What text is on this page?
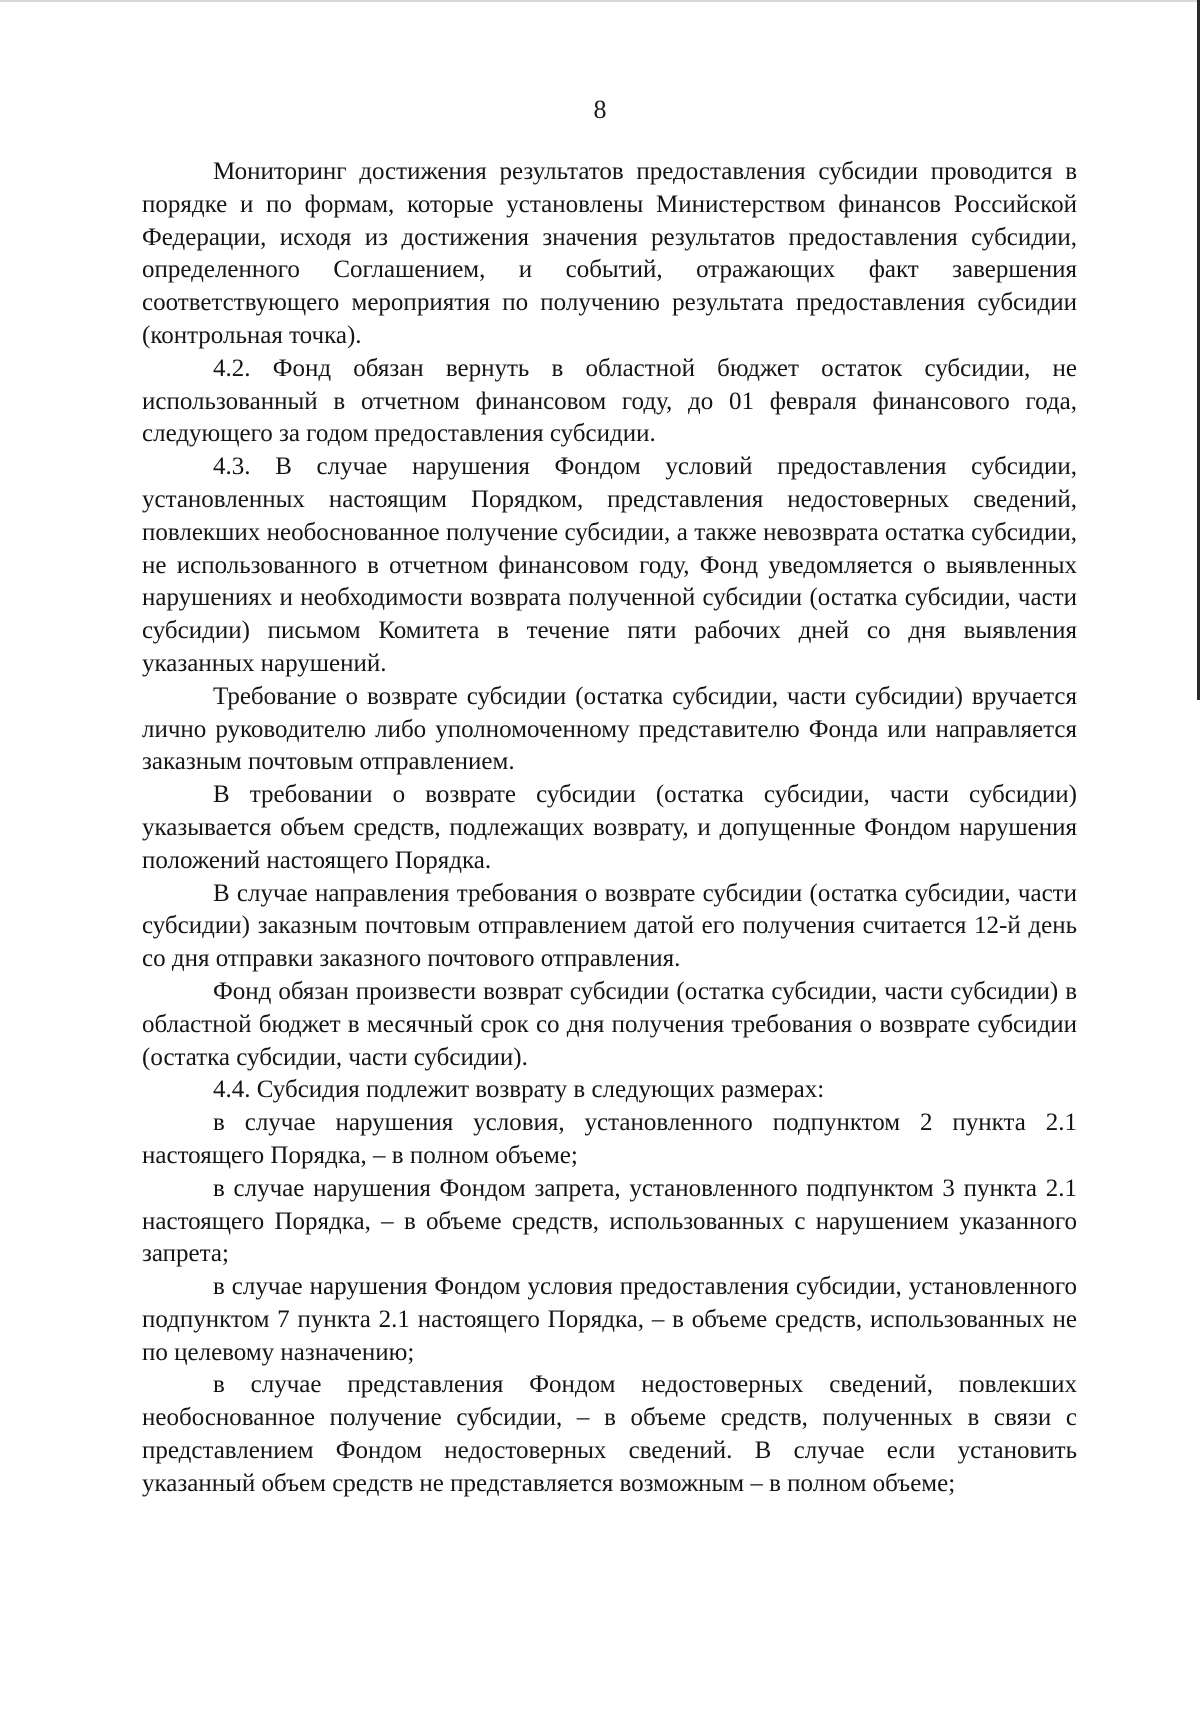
8

Мониторинг достижения результатов предоставления субсидии проводится в порядке и по формам, которые установлены Министерством финансов Российской Федерации, исходя из достижения значения результатов предоставления субсидии, определенного Соглашением, и событий, отражающих факт завершения соответствующего мероприятия по получению результата предоставления субсидии (контрольная точка).

4.2. Фонд обязан вернуть в областной бюджет остаток субсидии, не использованный в отчетном финансовом году, до 01 февраля финансового года, следующего за годом предоставления субсидии.

4.3. В случае нарушения Фондом условий предоставления субсидии, установленных настоящим Порядком, представления недостоверных сведений, повлекших необоснованное получение субсидии, а также невозврата остатка субсидии, не использованного в отчетном финансовом году, Фонд уведомляется о выявленных нарушениях и необходимости возврата полученной субсидии (остатка субсидии, части субсидии) письмом Комитета в течение пяти рабочих дней со дня выявления указанных нарушений.

Требование о возврате субсидии (остатка субсидии, части субсидии) вручается лично руководителю либо уполномоченному представителю Фонда или направляется заказным почтовым отправлением.

В требовании о возврате субсидии (остатка субсидии, части субсидии) указывается объем средств, подлежащих возврату, и допущенные Фондом нарушения положений настоящего Порядка.

В случае направления требования о возврате субсидии (остатка субсидии, части субсидии) заказным почтовым отправлением датой его получения считается 12-й день со дня отправки заказного почтового отправления.

Фонд обязан произвести возврат субсидии (остатка субсидии, части субсидии) в областной бюджет в месячный срок со дня получения требования о возврате субсидии (остатка субсидии, части субсидии).

4.4. Субсидия подлежит возврату в следующих размерах:

в случае нарушения условия, установленного подпунктом 2 пункта 2.1 настоящего Порядка, – в полном объеме;

в случае нарушения Фондом запрета, установленного подпунктом 3 пункта 2.1 настоящего Порядка, – в объеме средств, использованных с нарушением указанного запрета;

в случае нарушения Фондом условия предоставления субсидии, установленного подпунктом 7 пункта 2.1 настоящего Порядка, – в объеме средств, использованных не по целевому назначению;

в случае представления Фондом недостоверных сведений, повлекших необоснованное получение субсидии, – в объеме средств, полученных в связи с представлением Фондом недостоверных сведений. В случае если установить указанный объем средств не представляется возможным – в полном объеме;
